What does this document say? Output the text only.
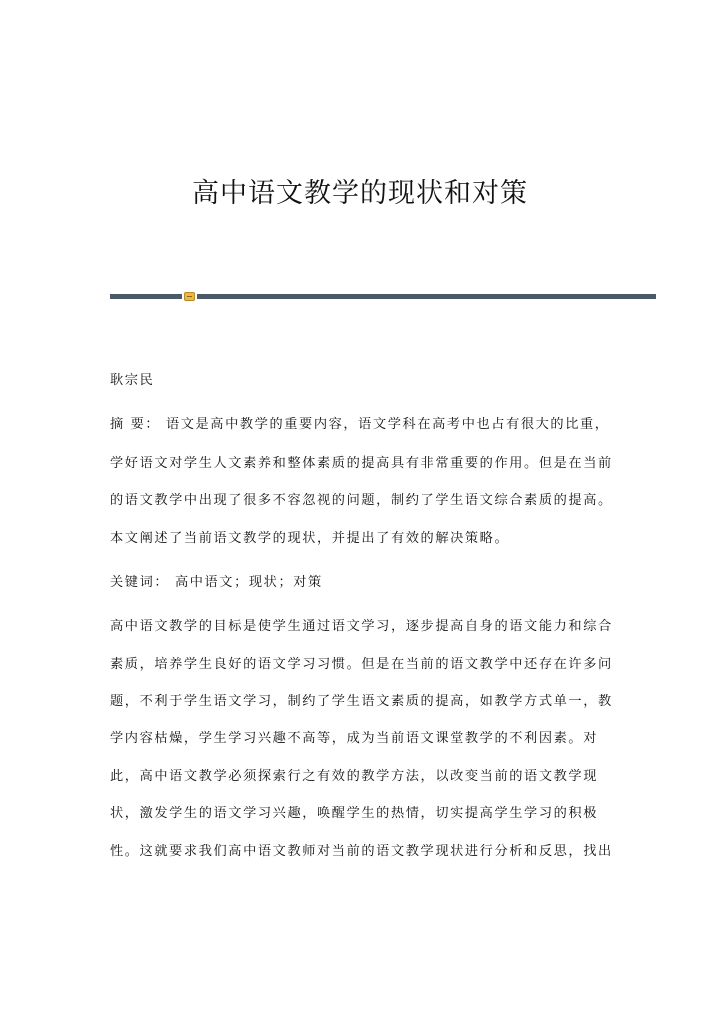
高中语文教学的现状和对策
耿宗民
摘 要： 语文是高中教学的重要内容，语文学科在高考中也占有很大的比重，
学好语文对学生人文素养和整体素质的提高具有非常重要的作用。但是在当前
的语文教学中出现了很多不容忽视的问题，制约了学生语文综合素质的提高。
本文阐述了当前语文教学的现状，并提出了有效的解决策略。
关键词： 高中语文；现状；对策
高中语文教学的目标是使学生通过语文学习，逐步提高自身的语文能力和综合
素质，培养学生良好的语文学习习惯。但是在当前的语文教学中还存在许多问
题，不利于学生语文学习，制约了学生语文素质的提高，如教学方式单一，教
学内容枯燥，学生学习兴趣不高等，成为当前语文课堂教学的不利因素。对
此，高中语文教学必须探索行之有效的教学方法，以改变当前的语文教学现
状，激发学生的语文学习兴趣，唤醒学生的热情，切实提高学生学习的积极
性。这就要求我们高中语文教师对当前的语文教学现状进行分析和反思，找出
